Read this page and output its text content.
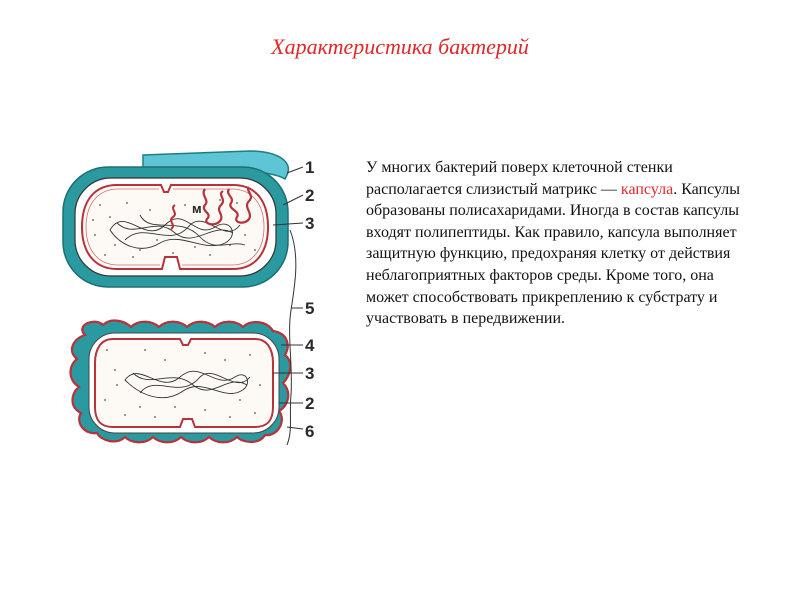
Характеристика бактерий
м
1
2
3
5
4
3
2
6
У многих бактерий поверх клеточной стенки располагается слизистый матрикс — капсула. Капсулы образованы полисахаридами. Иногда в состав капсулы входят полипептиды. Как правило, капсула выполняет защитную функцию, предохраняя клетку от действия неблагоприятных факторов среды. Кроме того, она может способствовать прикреплению к субстрату и участвовать в передвижении.
